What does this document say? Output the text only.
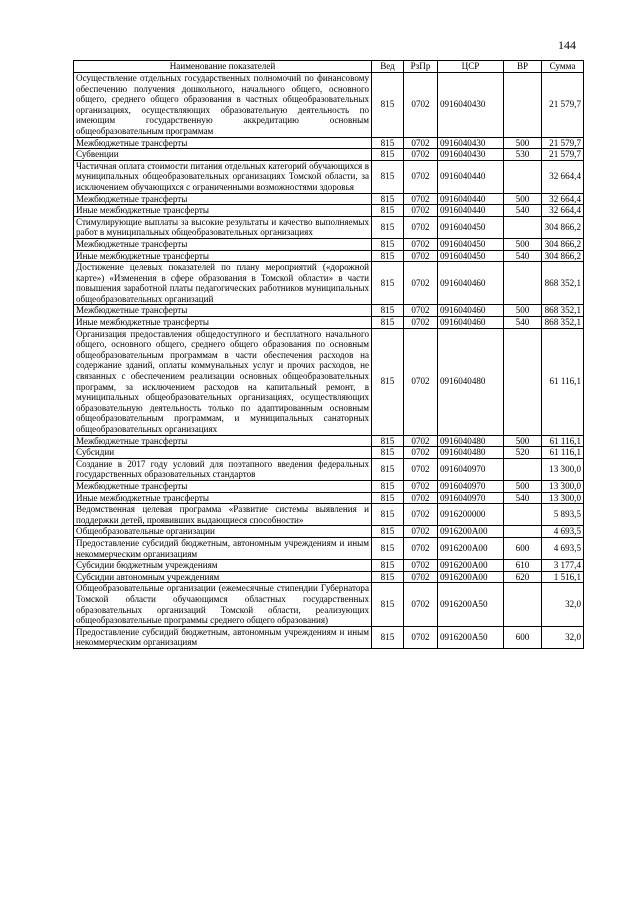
144
Наименование показателей	Вед	РзПр	ЦСР	ВР	Сумма
Осуществление отдельных государственных полномочий по финансовому обеспечению получения дошкольного, начального общего, основного общего, среднего общего образования в частных общеобразовательных организациях, осуществляющих образовательную деятельность по имеющим государственную аккредитацию основным общеобразовательным программам	815	0702	0916040430		21 579,7
Межбюджетные трансферты	815	0702	0916040430	500	21 579,7
Субвенции	815	0702	0916040430	530	21 579,7
Частичная оплата стоимости питания отдельных категорий обучающихся в муниципальных общеобразовательных организациях Томской области, за исключением обучающихся с ограниченными возможностями здоровья	815	0702	0916040440		32 664,4
Межбюджетные трансферты	815	0702	0916040440	500	32 664,4
Иные межбюджетные трансферты	815	0702	0916040440	540	32 664,4
Стимулирующие выплаты за высокие результаты и качество выполняемых работ в муниципальных общеобразовательных организациях	815	0702	0916040450		304 866,2
Межбюджетные трансферты	815	0702	0916040450	500	304 866,2
Иные межбюджетные трансферты	815	0702	0916040450	540	304 866,2
Достижение целевых показателей по плану мероприятий («дорожной карте») «Изменения в сфере образования в Томской области» в части повышения заработной платы педагогических работников муниципальных общеобразовательных организаций	815	0702	0916040460		868 352,1
Межбюджетные трансферты	815	0702	0916040460	500	868 352,1
Иные межбюджетные трансферты	815	0702	0916040460	540	868 352,1
Организация предоставления общедоступного и бесплатного начального общего, основного общего, среднего общего образования по основным общеобразовательным программам в части обеспечения расходов на содержание зданий, оплаты коммунальных услуг и прочих расходов, не связанных с обеспечением реализации основных общеобразовательных программ, за исключением расходов на капитальный ремонт, в муниципальных общеобразовательных организациях, осуществляющих образовательную деятельность только по адаптированным основным общеобразовательным программам, и муниципальных санаторных общеобразовательных организациях	815	0702	0916040480		61 116,1
Межбюджетные трансферты	815	0702	0916040480	500	61 116,1
Субсидии	815	0702	0916040480	520	61 116,1
Создание в 2017 году условий для поэтапного введения федеральных государственных образовательных стандартов	815	0702	0916040970		13 300,0
Межбюджетные трансферты	815	0702	0916040970	500	13 300,0
Иные межбюджетные трансферты	815	0702	0916040970	540	13 300,0
Ведомственная целевая программа «Развитие системы выявления и поддержки детей, проявивших выдающиеся способности»	815	0702	0916200000		5 893,5
Общеобразовательные организации	815	0702	0916200A00		4 693,5
Предоставление субсидий бюджетным, автономным учреждениям и иным некоммерческим организациям	815	0702	0916200A00	600	4 693,5
Субсидии бюджетным учреждениям	815	0702	0916200A00	610	3 177,4
Субсидии автономным учреждениям	815	0702	0916200A00	620	1 516,1
Общеобразовательные организации (ежемесячные стипендии Губернатора Томской области обучающимся областных государственных образовательных организаций Томской области, реализующих общеобразовательные программы среднего общего образования)	815	0702	0916200A50		32,0
Предоставление субсидий бюджетным, автономным учреждениям и иным некоммерческим организациям	815	0702	0916200A50	600	32,0
